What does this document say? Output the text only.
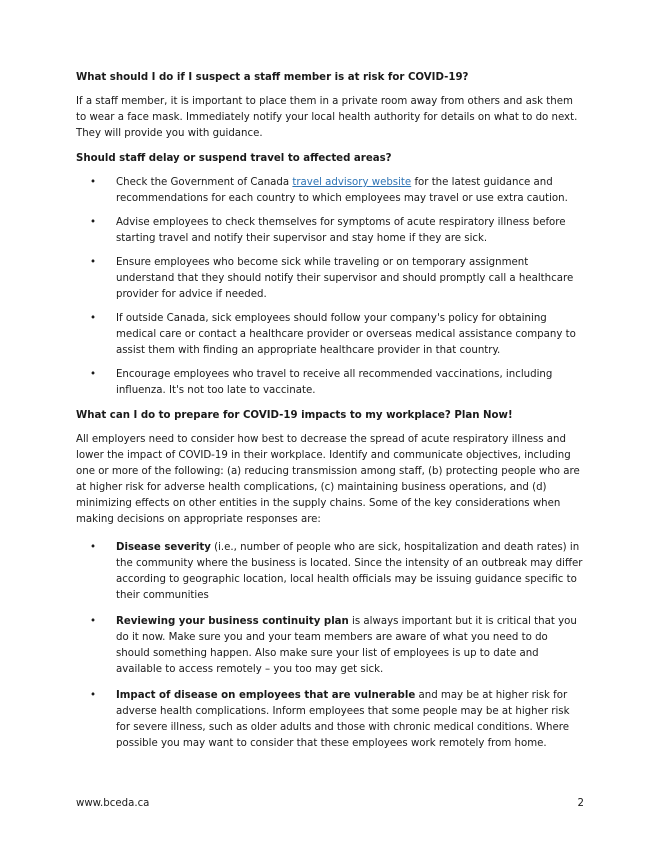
What should I do if I suspect a staff member is at risk for COVID-19?

If a staff member, it is important to place them in a private room away from others and ask them to wear a face mask. Immediately notify your local health authority for details on what to do next. They will provide you with guidance.

Should staff delay or suspend travel to affected areas?

• Check the Government of Canada travel advisory website for the latest guidance and recommendations for each country to which employees may travel or use extra caution.
• Advise employees to check themselves for symptoms of acute respiratory illness before starting travel and notify their supervisor and stay home if they are sick.
• Ensure employees who become sick while traveling or on temporary assignment understand that they should notify their supervisor and should promptly call a healthcare provider for advice if needed.
• If outside Canada, sick employees should follow your company's policy for obtaining medical care or contact a healthcare provider or overseas medical assistance company to assist them with finding an appropriate healthcare provider in that country.
• Encourage employees who travel to receive all recommended vaccinations, including influenza. It's not too late to vaccinate.

What can I do to prepare for COVID-19 impacts to my workplace? Plan Now!

All employers need to consider how best to decrease the spread of acute respiratory illness and lower the impact of COVID-19 in their workplace. Identify and communicate objectives, including one or more of the following: (a) reducing transmission among staff, (b) protecting people who are at higher risk for adverse health complications, (c) maintaining business operations, and (d) minimizing effects on other entities in the supply chains. Some of the key considerations when making decisions on appropriate responses are:

• Disease severity (i.e., number of people who are sick, hospitalization and death rates) in the community where the business is located. Since the intensity of an outbreak may differ according to geographic location, local health officials may be issuing guidance specific to their communities
• Reviewing your business continuity plan is always important but it is critical that you do it now. Make sure you and your team members are aware of what you need to do should something happen. Also make sure your list of employees is up to date and available to access remotely – you too may get sick.
• Impact of disease on employees that are vulnerable and may be at higher risk for adverse health complications. Inform employees that some people may be at higher risk for severe illness, such as older adults and those with chronic medical conditions. Where possible you may want to consider that these employees work remotely from home.
www.bceda.ca	2
